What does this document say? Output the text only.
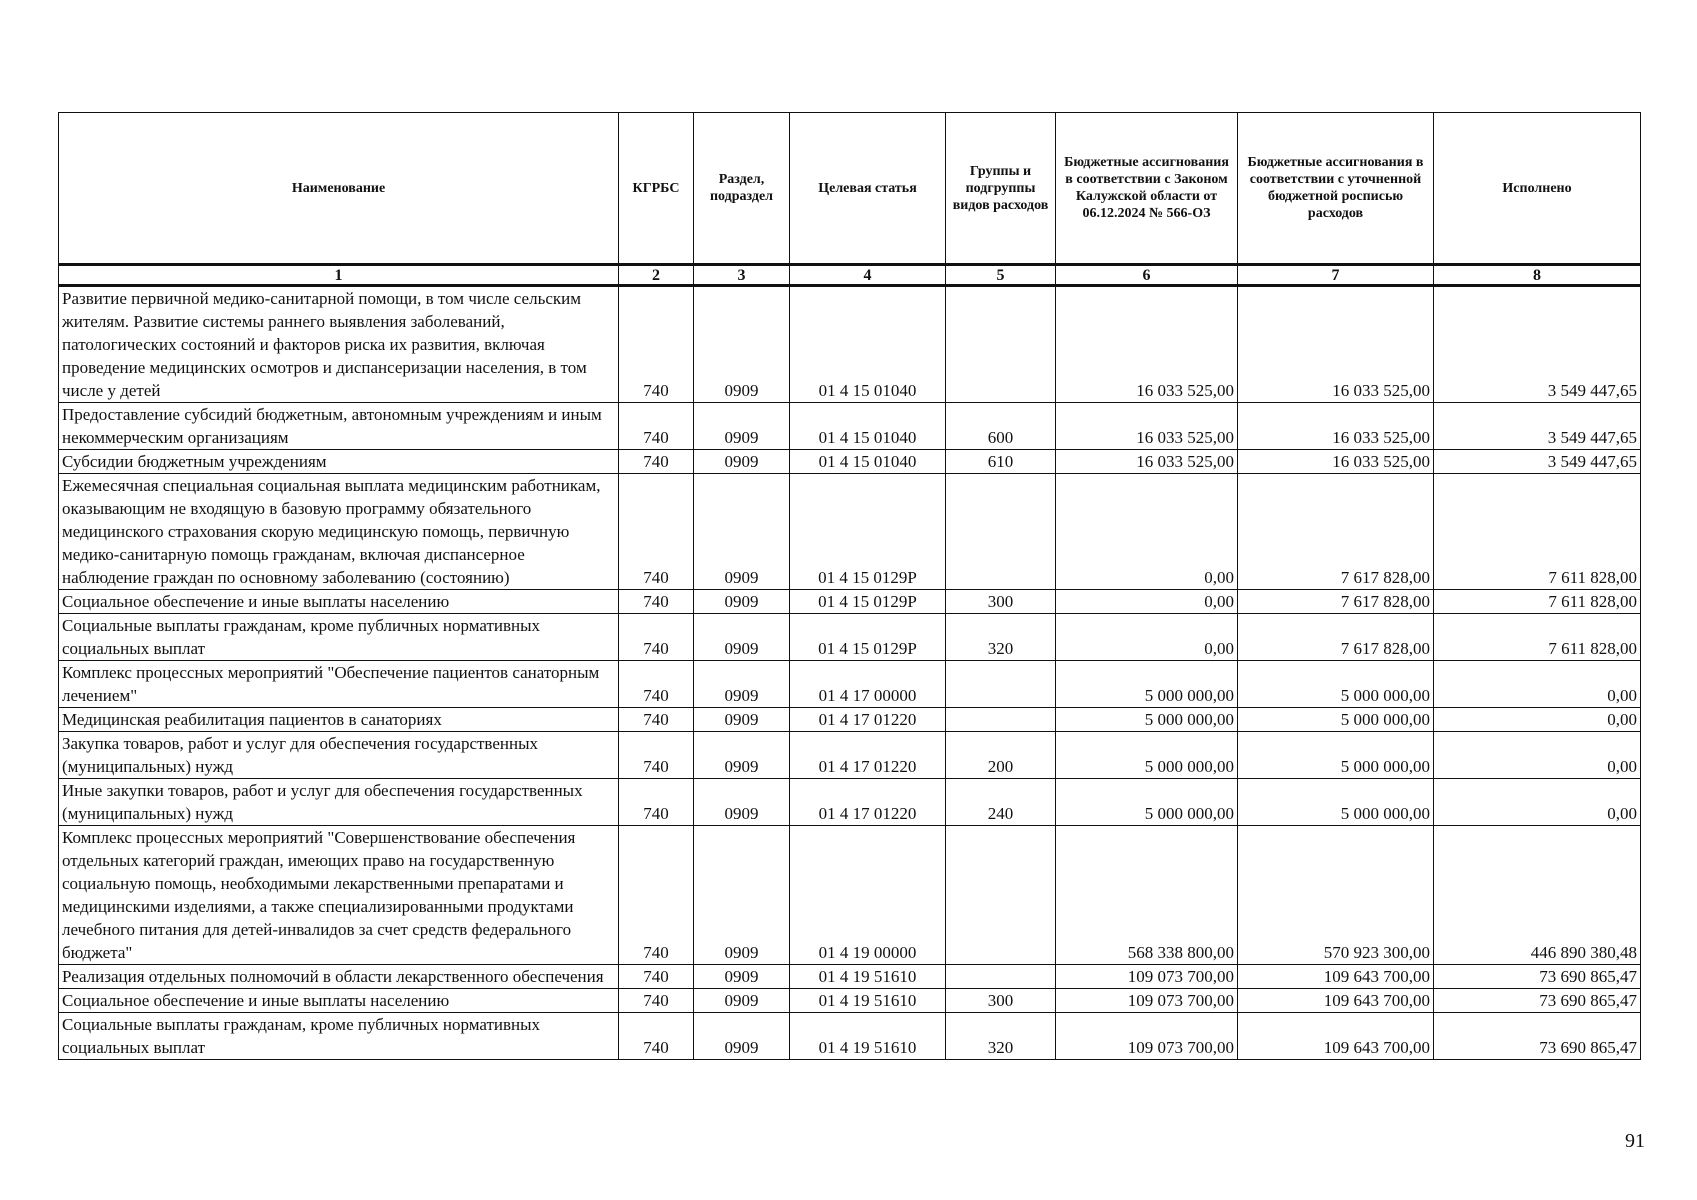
Наименование	КГРБС	Раздел, подраздел	Целевая статья	Группы и подгруппы видов расходов	Бюджетные ассигнования в соответствии с Законом Калужской области от 06.12.2024 № 566-ОЗ	Бюджетные ассигнования в соответствии с уточненной бюджетной росписью расходов	Исполнено
1	2	3	4	5	6	7	8
Развитие первичной медико-санитарной помощи, в том числе сельским жителям. Развитие системы раннего выявления заболеваний, патологических состояний и факторов риска их развития, включая проведение медицинских осмотров и диспансеризации населения, в том числе у детей	740	0909	01 4 15 01040		16 033 525,00	16 033 525,00	3 549 447,65
Предоставление субсидий бюджетным, автономным учреждениям и иным некоммерческим организациям	740	0909	01 4 15 01040	600	16 033 525,00	16 033 525,00	3 549 447,65
Субсидии бюджетным учреждениям	740	0909	01 4 15 01040	610	16 033 525,00	16 033 525,00	3 549 447,65
Ежемесячная специальная социальная выплата медицинским работникам, оказывающим не входящую в базовую программу обязательного медицинского страхования скорую медицинскую помощь, первичную медико-санитарную помощь гражданам, включая диспансерное наблюдение граждан по основному заболеванию (состоянию)	740	0909	01 4 15 0129Р		0,00	7 617 828,00	7 611 828,00
Социальное обеспечение и иные выплаты населению	740	0909	01 4 15 0129Р	300	0,00	7 617 828,00	7 611 828,00
Социальные выплаты гражданам, кроме публичных нормативных социальных выплат	740	0909	01 4 15 0129Р	320	0,00	7 617 828,00	7 611 828,00
Комплекс процессных мероприятий "Обеспечение пациентов санаторным лечением"	740	0909	01 4 17 00000		5 000 000,00	5 000 000,00	0,00
Медицинская реабилитация пациентов в санаториях	740	0909	01 4 17 01220		5 000 000,00	5 000 000,00	0,00
Закупка товаров, работ и услуг для обеспечения государственных (муниципальных) нужд	740	0909	01 4 17 01220	200	5 000 000,00	5 000 000,00	0,00
Иные закупки товаров, работ и услуг для обеспечения государственных (муниципальных) нужд	740	0909	01 4 17 01220	240	5 000 000,00	5 000 000,00	0,00
Комплекс процессных мероприятий "Совершенствование обеспечения отдельных категорий граждан, имеющих право на государственную социальную помощь, необходимыми лекарственными препаратами и медицинскими изделиями, а также специализированными продуктами лечебного питания для детей-инвалидов за счет средств федерального бюджета"	740	0909	01 4 19 00000		568 338 800,00	570 923 300,00	446 890 380,48
Реализация отдельных полномочий в области лекарственного обеспечения	740	0909	01 4 19 51610		109 073 700,00	109 643 700,00	73 690 865,47
Социальное обеспечение и иные выплаты населению	740	0909	01 4 19 51610	300	109 073 700,00	109 643 700,00	73 690 865,47
Социальные выплаты гражданам, кроме публичных нормативных социальных выплат	740	0909	01 4 19 51610	320	109 073 700,00	109 643 700,00	73 690 865,47
91
